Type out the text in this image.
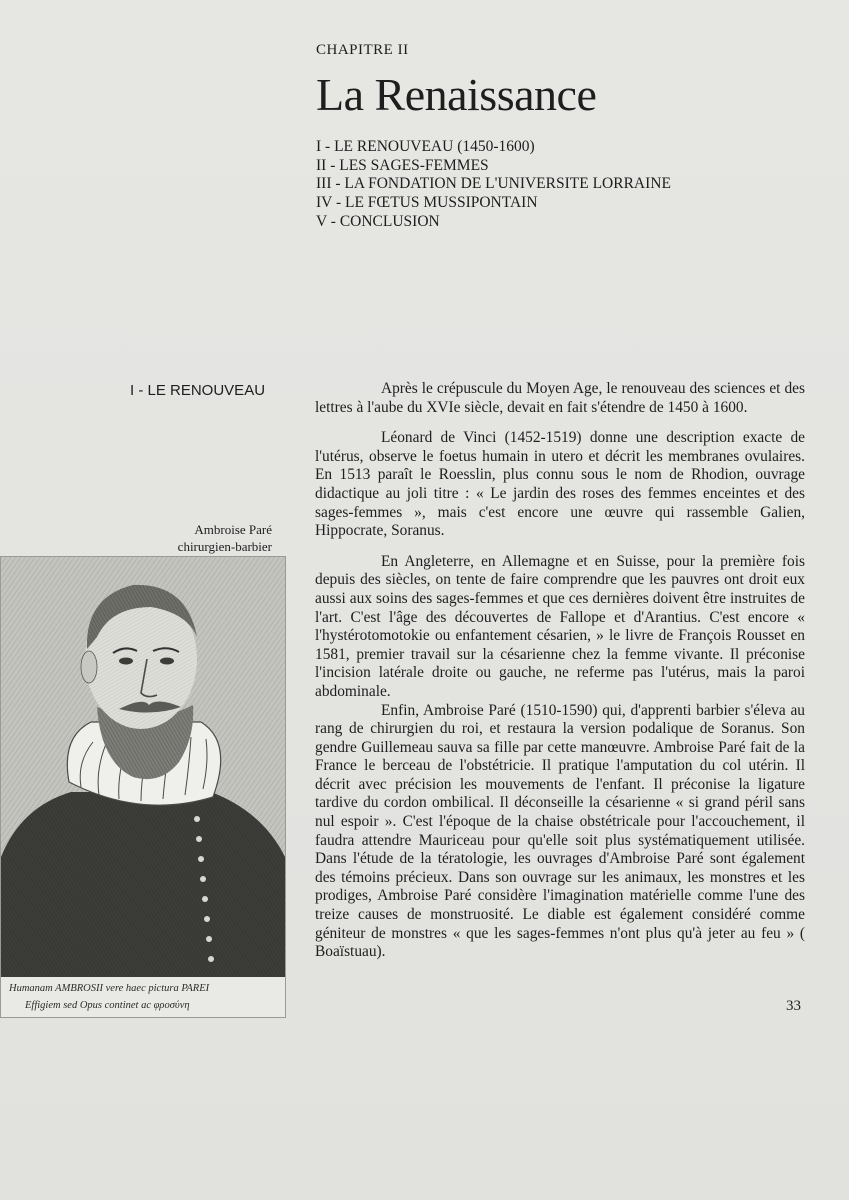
CHAPITRE II
La Renaissance
I - LE RENOUVEAU (1450-1600)
II - LES SAGES-FEMMES
III - LA FONDATION DE L'UNIVERSITE LORRAINE
IV - LE FŒTUS MUSSIPONTAIN
V - CONCLUSION
I - LE RENOUVEAU
Ambroise Paré
chirurgien-barbier
Humanam AMBROSII vere haec pictura PAREI
Effigiem sed Opus continet ac φροσύνη

Après le crépuscule du Moyen Age, le renouveau des sciences et des lettres à l'aube du XVIe siècle, devait en fait s'étendre de 1450 à 1600.

Léonard de Vinci (1452-1519) donne une description exacte de l'utérus, observe le foetus humain in utero et décrit les membranes ovulaires. En 1513 paraît le Roesslin, plus connu sous le nom de Rhodion, ouvrage didactique au joli titre : « Le jardin des roses des femmes enceintes et des sages-femmes », mais c'est encore une œuvre qui rassemble Galien, Hippocrate, Soranus.

En Angleterre, en Allemagne et en Suisse, pour la première fois depuis des siècles, on tente de faire comprendre que les pauvres ont droit eux aussi aux soins des sages-femmes et que ces dernières doivent être instruites de l'art. C'est l'âge des découvertes de Fallope et d'Arantius. C'est encore « l'hystérotomotokie ou enfantement césarien, » le livre de François Rousset en 1581, premier travail sur la césarienne chez la femme vivante. Il préconise l'incision latérale droite ou gauche, ne referme pas l'utérus, mais la paroi abdominale.

Enfin, Ambroise Paré (1510-1590) qui, d'apprenti barbier s'éleva au rang de chirurgien du roi, et restaura la version podalique de Soranus. Son gendre Guillemeau sauva sa fille par cette manœuvre. Ambroise Paré fait de la France le berceau de l'obstétricie. Il pratique l'amputation du col utérin. Il décrit avec précision les mouvements de l'enfant. Il préconise la ligature tardive du cordon ombilical. Il déconseille la césarienne « si grand péril sans nul espoir ». C'est l'époque de la chaise obstétricale pour l'accouchement, il faudra attendre Mauriceau pour qu'elle soit plus systématiquement utilisée. Dans l'étude de la tératologie, les ouvrages d'Ambroise Paré sont également des témoins précieux. Dans son ouvrage sur les animaux, les monstres et les prodiges, Ambroise Paré considère l'imagination matérielle comme l'une des treize causes de monstruosité. Le diable est également considéré comme géniteur de monstres « que les sages-femmes n'ont plus qu'à jeter au feu » ( Boaïstuau).

33
